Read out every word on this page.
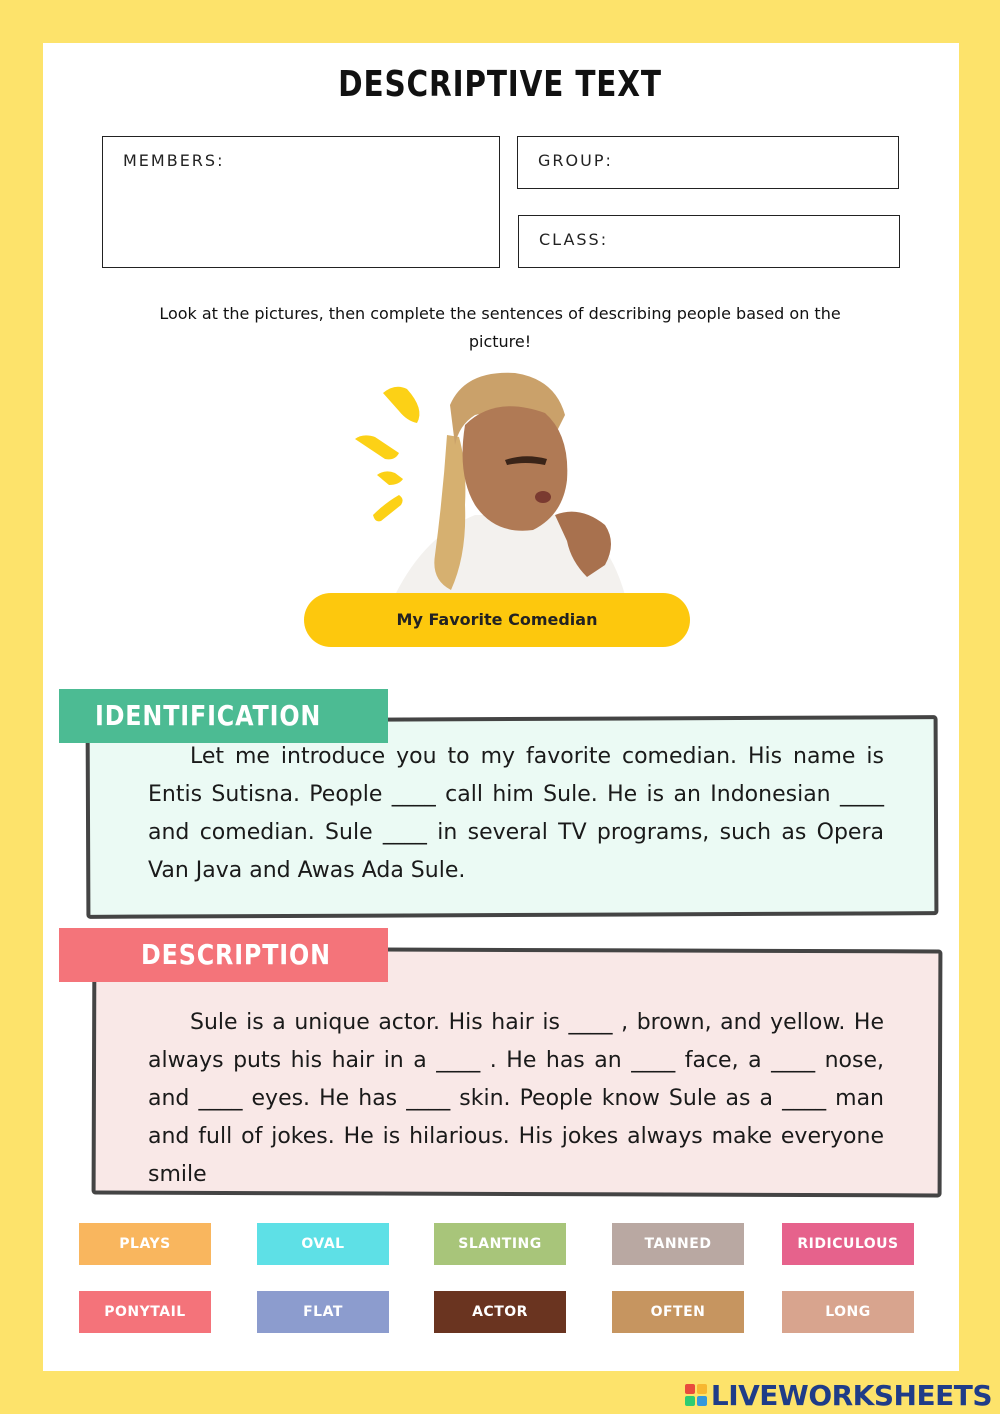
DESCRIPTIVE TEXT
MEMBERS:	GROUP:
CLASS:
Look at the pictures, then complete the sentences of describing people based on the picture!
My Favorite Comedian
IDENTIFICATION
Let me introduce you to my favorite comedian. His name is Entis Sutisna. People ____ call him Sule. He is an Indonesian ____ and comedian. Sule ____ in several TV programs, such as Opera Van Java and Awas Ada Sule.
DESCRIPTION
Sule is a unique actor. His hair is ____ , brown, and yellow. He always puts his hair in a ____ . He has an ____ face, a ____ nose, and ____ eyes. He has ____ skin. People know Sule as a ____ man and full of jokes. He is hilarious. His jokes always make everyone smile
PLAYS	OVAL	SLANTING	TANNED	RIDICULOUS
PONYTAIL	FLAT	ACTOR	OFTEN	LONG
LIVEWORKSHEETS
